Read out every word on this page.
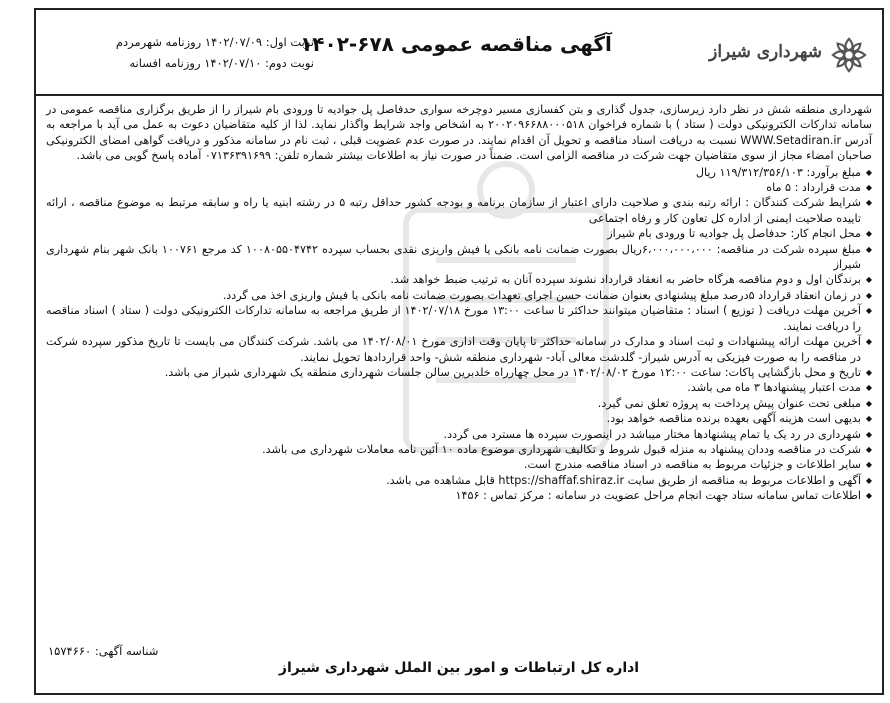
شهرداری شیراز
آگهی مناقصه عمومی ۶۷۸-۱۴۰۲
نوبت اول: ۱۴۰۲/۰۷/۰۹ روزنامه شهرمردم
نوبت دوم: ۱۴۰۲/۰۷/۱۰ روزنامه افسانه

شهرداری منطقه شش در نظر دارد زیرسازی، جدول گذاری و بتن کفسازی مسیر دوچرخه سواری حدفاصل پل جوادیه تا ورودی بام شیراز را از طریق برگزاری مناقصه عمومی در سامانه تدارکات الکترونیکی دولت ( ستاد ) با شماره فراخوان ۲۰۰۲۰۹۶۶۸۸۰۰۰۵۱۸ به اشخاص واجد شرایط واگذار نماید. لذا از کلیه متقاضیان دعوت به عمل می آید با مراجعه به آدرس WWW.Setadiran.ir نسبت به دریافت اسناد مناقصه و تحویل آن اقدام نمایند. در صورت عدم عضویت قبلی ، ثبت نام در سامانه مذکور و دریافت گواهی امضای الکترونیکی صاحبان امضاء مجاز از سوی متقاضیان جهت شرکت در مناقصه الزامی است. ضمناً در صورت نیاز به اطلاعات بیشتر شماره تلفن: ۰۷۱۳۶۳۹۱۶۹۹ آماده پاسخ گویی می باشد.

◆ مبلغ برآورد: ۱۱۹/۳۱۲/۳۵۶/۱۰۳ ریال
◆ مدت قرارداد : ۵ ماه
◆ شرایط شرکت کنندگان : ارائه رتبه بندی و صلاحیت دارای اعتبار از سازمان برنامه و بودجه کشور حداقل رتبه ۵ در رشته ابنیه یا راه و سابقه مرتبط به موضوع مناقصه ، ارائه تاییده صلاحیت ایمنی از اداره کل تعاون کار و رفاه اجتماعی
◆ محل انجام کار: حدفاصل پل جوادیه تا ورودی بام شیراز
◆ مبلغ سپرده شرکت در مناقصه: ۶،۰۰۰،۰۰۰،۰۰۰ریال بصورت ضمانت نامه بانکی یا فیش واریزی نقدی بحساب سپرده ۱۰۰۸۰۵۵۰۴۷۴۲ کد مرجع ۱۰۰۷۶۱ بانک شهر بنام شهرداری شیراز
◆ برندگان اول و دوم مناقصه هرگاه حاضر به انعقاد قرارداد نشوند سپرده آنان به ترتیب ضبط خواهد شد.
◆ در زمان انعقاد قرارداد ۵درصد مبلغ پیشنهادی بعنوان ضمانت حسن اجرای تعهدات بصورت ضمانت نامه بانکی یا فیش واریزی اخذ می گردد.
◆ آخرین مهلت دریافت ( توزیع ) اسناد : متقاضیان میتوانند حداکثر تا ساعت ۱۳:۰۰ مورخ ۱۴۰۲/۰۷/۱۸ از طریق مراجعه به سامانه تدارکات الکترونیکی دولت ( ستاد ) اسناد مناقصه را دریافت نمایند.
◆ آخرین مهلت ارائه پیشنهادات و ثبت اسناد و مدارک در سامانه حداکثر تا پایان وقت اداری مورخ ۱۴۰۲/۰۸/۰۱ می باشد. شرکت کنندگان می بایست تا تاریخ مذکور سپرده شرکت در مناقصه را به صورت فیزیکی به آدرس شیراز- گلدشت معالی آباد- شهرداری منطقه شش- واحد قراردادها تحویل نمایند.
◆ تاریخ و محل بازگشایی پاکات: ساعت ۱۲:۰۰ مورخ ۱۴۰۲/۰۸/۰۲ در محل چهارراه خلدبرین سالن جلسات شهرداری منطقه یک شهرداری شیراز می باشد.
◆ مدت اعتبار پیشنهادها ۳ ماه می باشد.
◆ مبلغی تحت عنوان پیش پرداخت به پروژه تعلق نمی گیرد.
◆ بدیهی است هزینه آگهی بعهده برنده مناقصه خواهد بود.
◆ شهرداری در رد یک یا تمام پیشنهادها مختار میباشد در اینصورت سپرده ها مسترد می گردد.
◆ شرکت در مناقصه وددان پیشنهاد به منزله قبول شروط و تکالیف شهرداری موضوع ماده ۱۰ آئین نامه معاملات شهرداری می باشد.
◆ سایر اطلاعات و جزئیات مربوط به مناقصه در اسناد مناقصه مندرج است.
◆ آگهی و اطلاعات مربوط به مناقصه از طریق سایت https://shaffaf.shiraz.ir قابل مشاهده می باشد.
◆ اطلاعات تماس سامانه ستاد جهت انجام مراحل عضویت در سامانه : مرکز تماس : ۱۴۵۶
شناسه آگهی: ۱۵۷۴۶۶۰
اداره کل ارتباطات و امور بین الملل شهرداری شیراز
